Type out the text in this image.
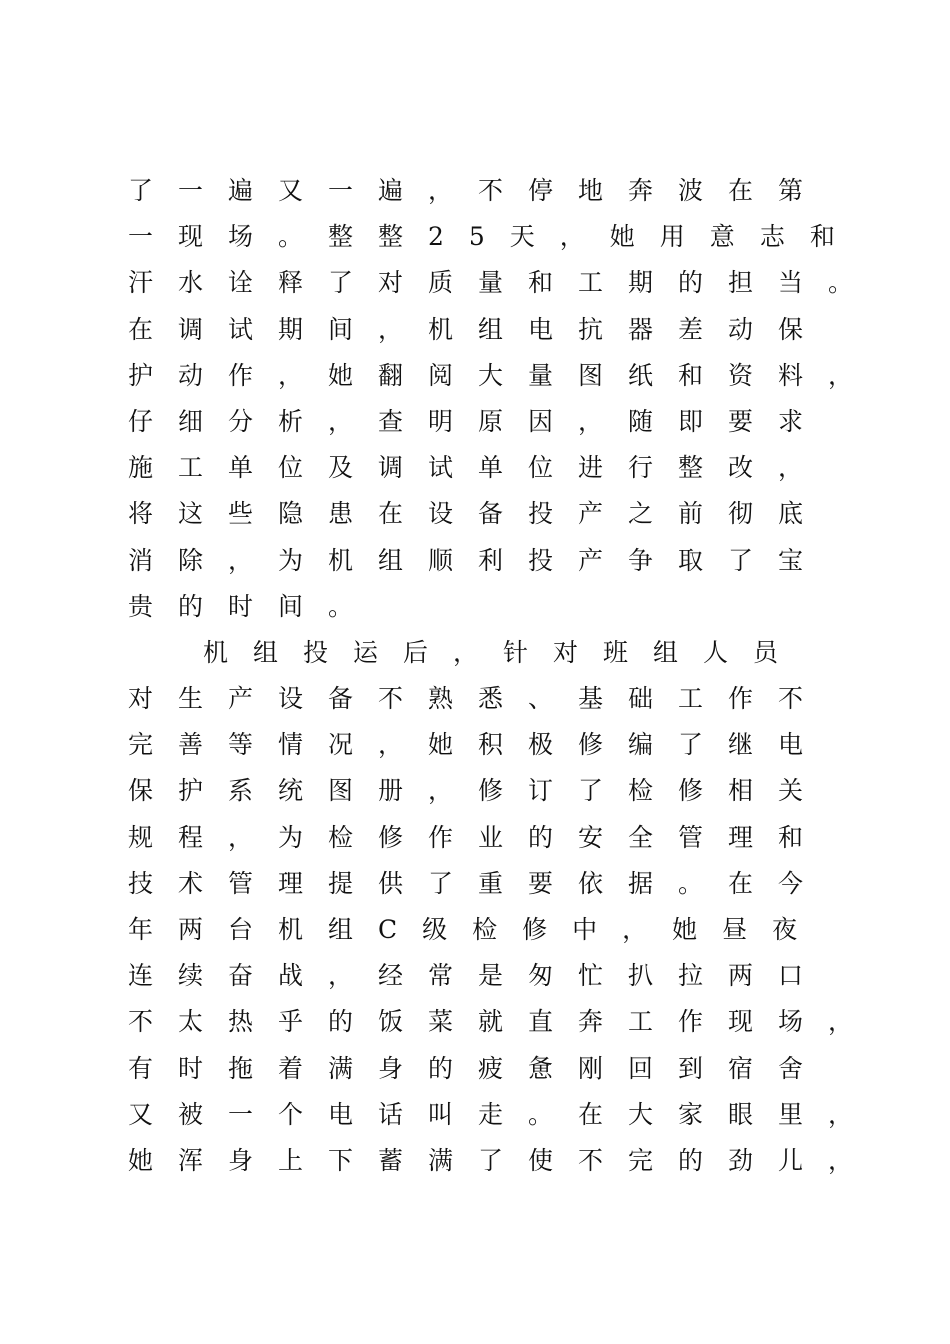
了一遍又一遍，不停地奔波在第
一现场。整整25天，她用意志和
汗水诠释了对质量和工期的担当。
在调试期间，机组电抗器差动保
护动作，她翻阅大量图纸和资料，
仔细分析，查明原因，随即要求
施工单位及调试单位进行整改，
将这些隐患在设备投产之前彻底
消除，为机组顺利投产争取了宝
贵的时间。
机组投运后，针对班组人员
对生产设备不熟悉、基础工作不
完善等情况，她积极修编了继电
保护系统图册，修订了检修相关
规程，为检修作业的安全管理和
技术管理提供了重要依据。在今
年两台机组C级检修中，她昼夜
连续奋战，经常是匆忙扒拉两口
不太热乎的饭菜就直奔工作现场，
有时拖着满身的疲惫刚回到宿舍
又被一个电话叫走。在大家眼里，
她浑身上下蓄满了使不完的劲儿，
